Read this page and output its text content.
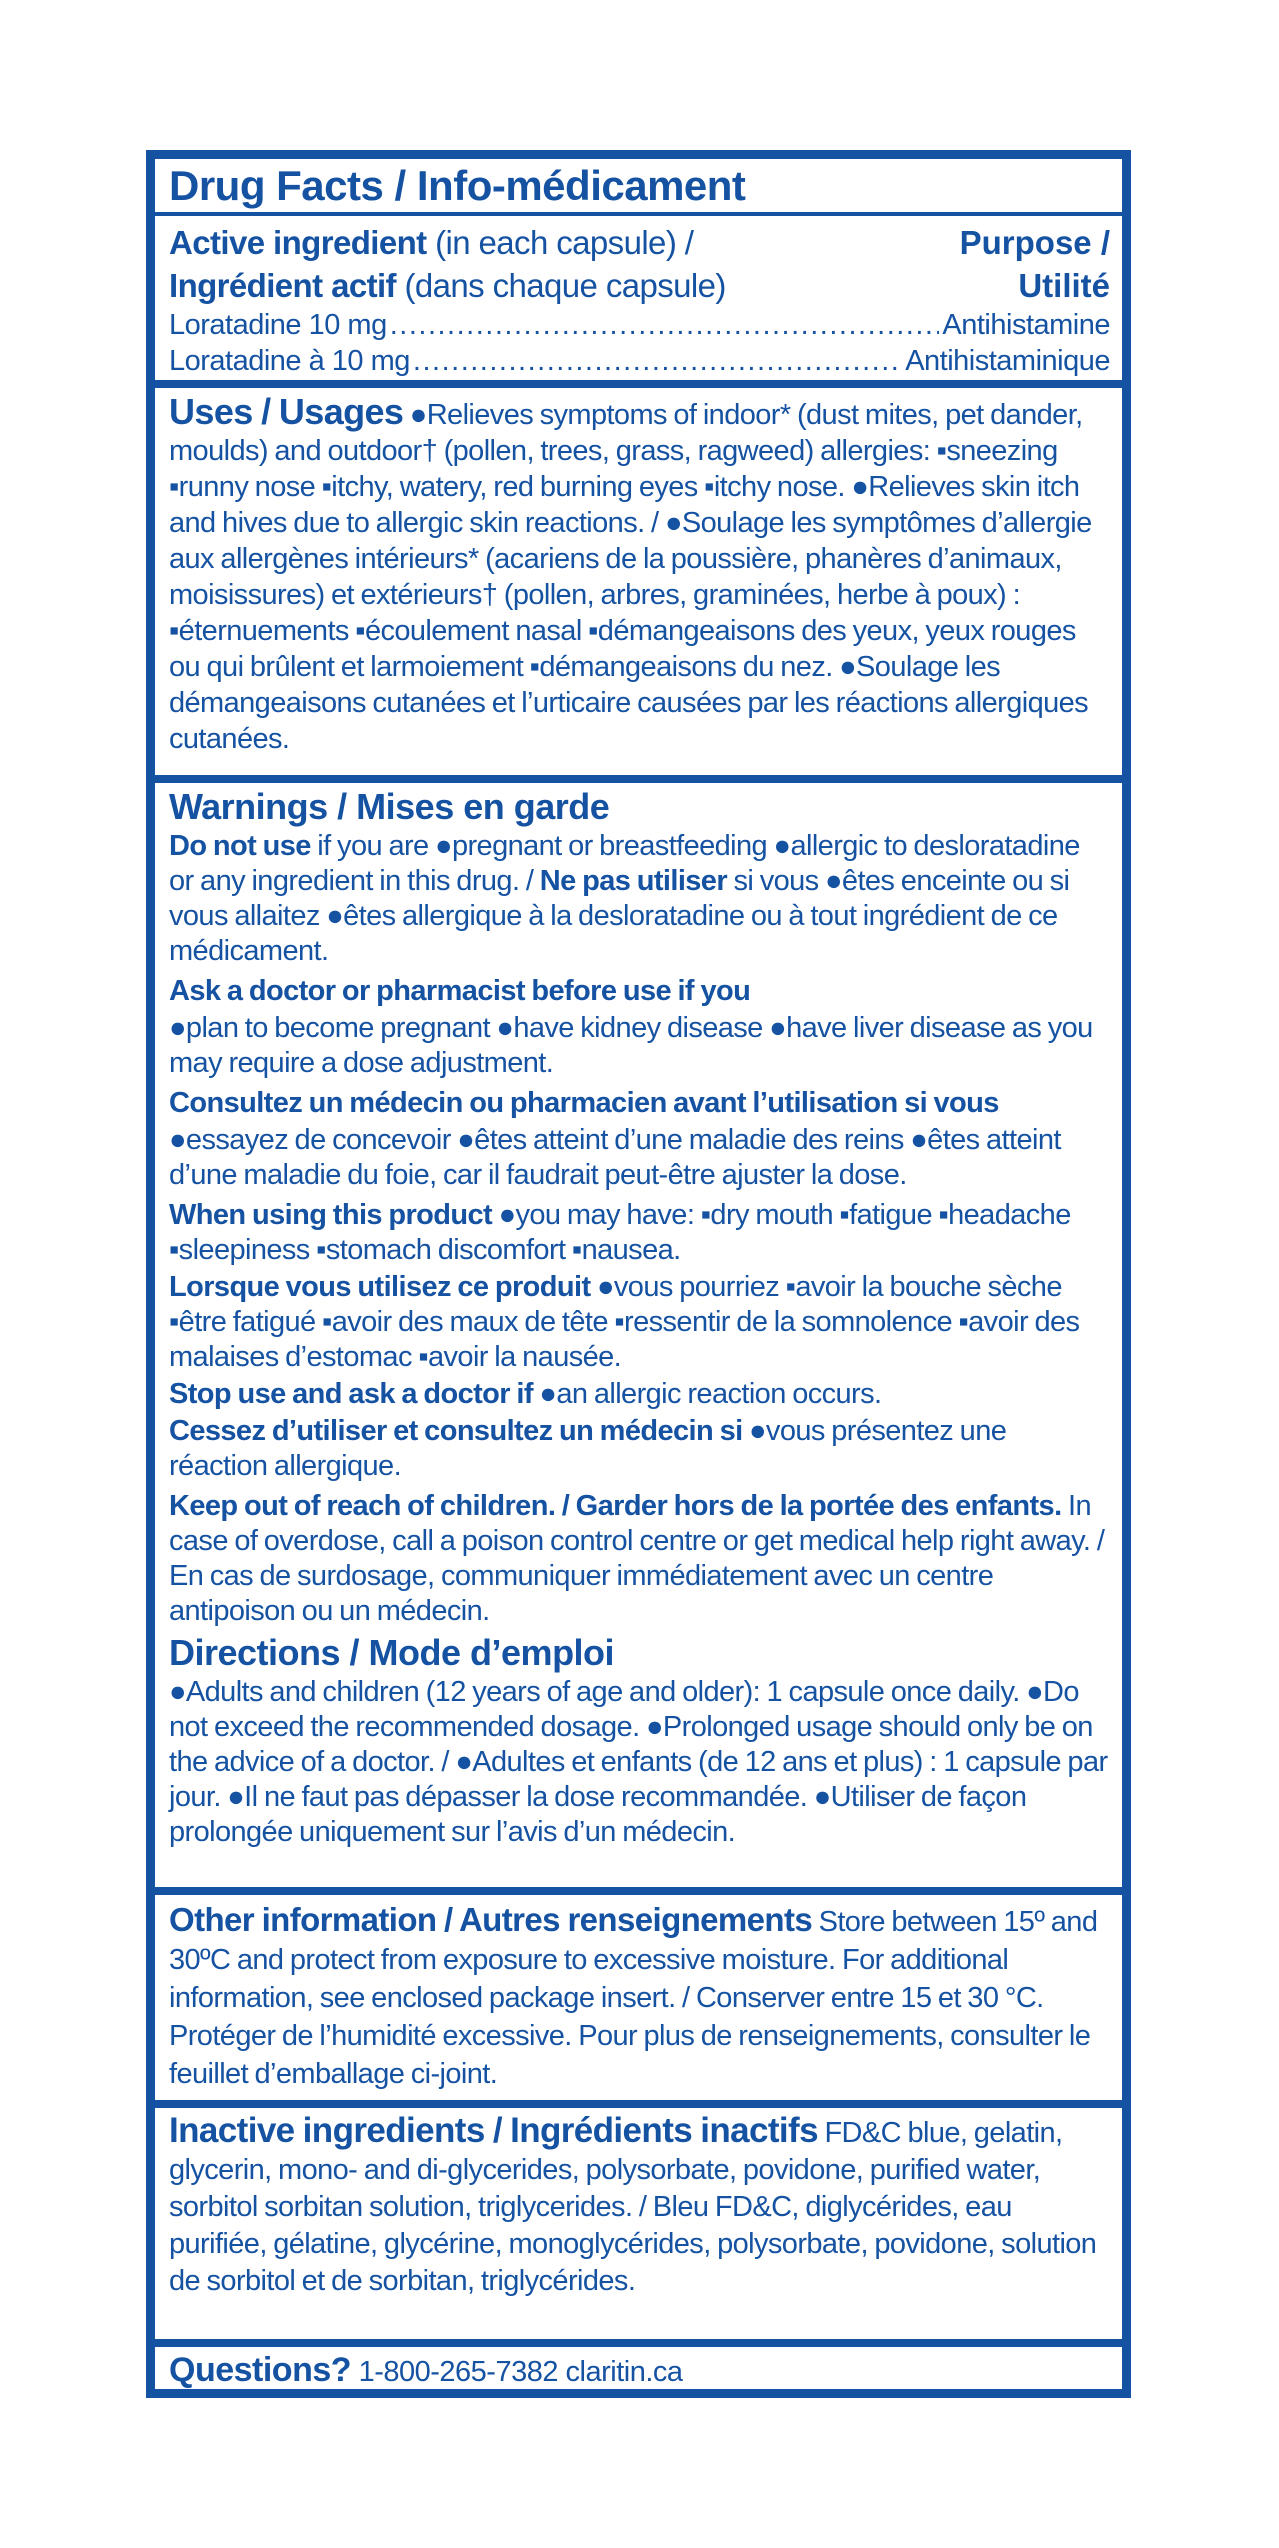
Drug Facts / Info-médicament
Active ingredient (in each capsule) /
Ingrédient actif (dans chaque capsule)
Purpose /
Utilité
Loratadine 10 mg .....	Antihistamine
Loratadine à 10 mg .....	Antihistaminique
Uses / Usages ●Relieves symptoms of indoor* (dust mites, pet dander, moulds) and outdoor† (pollen, trees, grass, ragweed) allergies: ▪sneezing ▪runny nose ▪itchy, watery, red burning eyes ▪itchy nose. ●Relieves skin itch and hives due to allergic skin reactions. / ●Soulage les symptômes d’allergie aux allergènes intérieurs* (acariens de la poussière, phanères d’animaux, moisissures) et extérieurs† (pollen, arbres, graminées, herbe à poux) : ▪éternuements ▪écoulement nasal ▪démangeaisons des yeux, yeux rouges ou qui brûlent et larmoiement ▪démangeaisons du nez. ●Soulage les démangeaisons cutanées et l’urticaire causées par les réactions allergiques cutanées.
Warnings / Mises en garde
Do not use if you are ●pregnant or breastfeeding ●allergic to desloratadine or any ingredient in this drug. / Ne pas utiliser si vous ●êtes enceinte ou si vous allaitez ●êtes allergique à la desloratadine ou à tout ingrédient de ce médicament.
Ask a doctor or pharmacist before use if you
●plan to become pregnant ●have kidney disease ●have liver disease as you may require a dose adjustment.
Consultez un médecin ou pharmacien avant l’utilisation si vous
●essayez de concevoir ●êtes atteint d’une maladie des reins ●êtes atteint d’une maladie du foie, car il faudrait peut-être ajuster la dose.
When using this product ●you may have: ▪dry mouth ▪fatigue ▪headache ▪sleepiness ▪stomach discomfort ▪nausea.
Lorsque vous utilisez ce produit ●vous pourriez ▪avoir la bouche sèche ▪être fatigué ▪avoir des maux de tête ▪ressentir de la somnolence ▪avoir des malaises d’estomac ▪avoir la nausée.
Stop use and ask a doctor if ●an allergic reaction occurs.
Cessez d’utiliser et consultez un médecin si ●vous présentez une réaction allergique.
Keep out of reach of children. / Garder hors de la portée des enfants. In case of overdose, call a poison control centre or get medical help right away. / En cas de surdosage, communiquer immédiatement avec un centre antipoison ou un médecin.
Directions / Mode d’emploi
●Adults and children (12 years of age and older): 1 capsule once daily. ●Do not exceed the recommended dosage. ●Prolonged usage should only be on the advice of a doctor. / ●Adultes et enfants (de 12 ans et plus) : 1 capsule par jour. ●Il ne faut pas dépasser la dose recommandée. ●Utiliser de façon prolongée uniquement sur l’avis d’un médecin.
Other information / Autres renseignements Store between 15º and 30ºC and protect from exposure to excessive moisture. For additional information, see enclosed package insert. / Conserver entre 15 et 30 °C. Protéger de l’humidité excessive. Pour plus de renseignements, consulter le feuillet d’emballage ci-joint.
Inactive ingredients / Ingrédients inactifs FD&C blue, gelatin, glycerin, mono- and di-glycerides, polysorbate, povidone, purified water, sorbitol sorbitan solution, triglycerides. / Bleu FD&C, diglycérides, eau purifiée, gélatine, glycérine, monoglycérides, polysorbate, povidone, solution de sorbitol et de sorbitan, triglycérides.
Questions? 1-800-265-7382 claritin.ca
